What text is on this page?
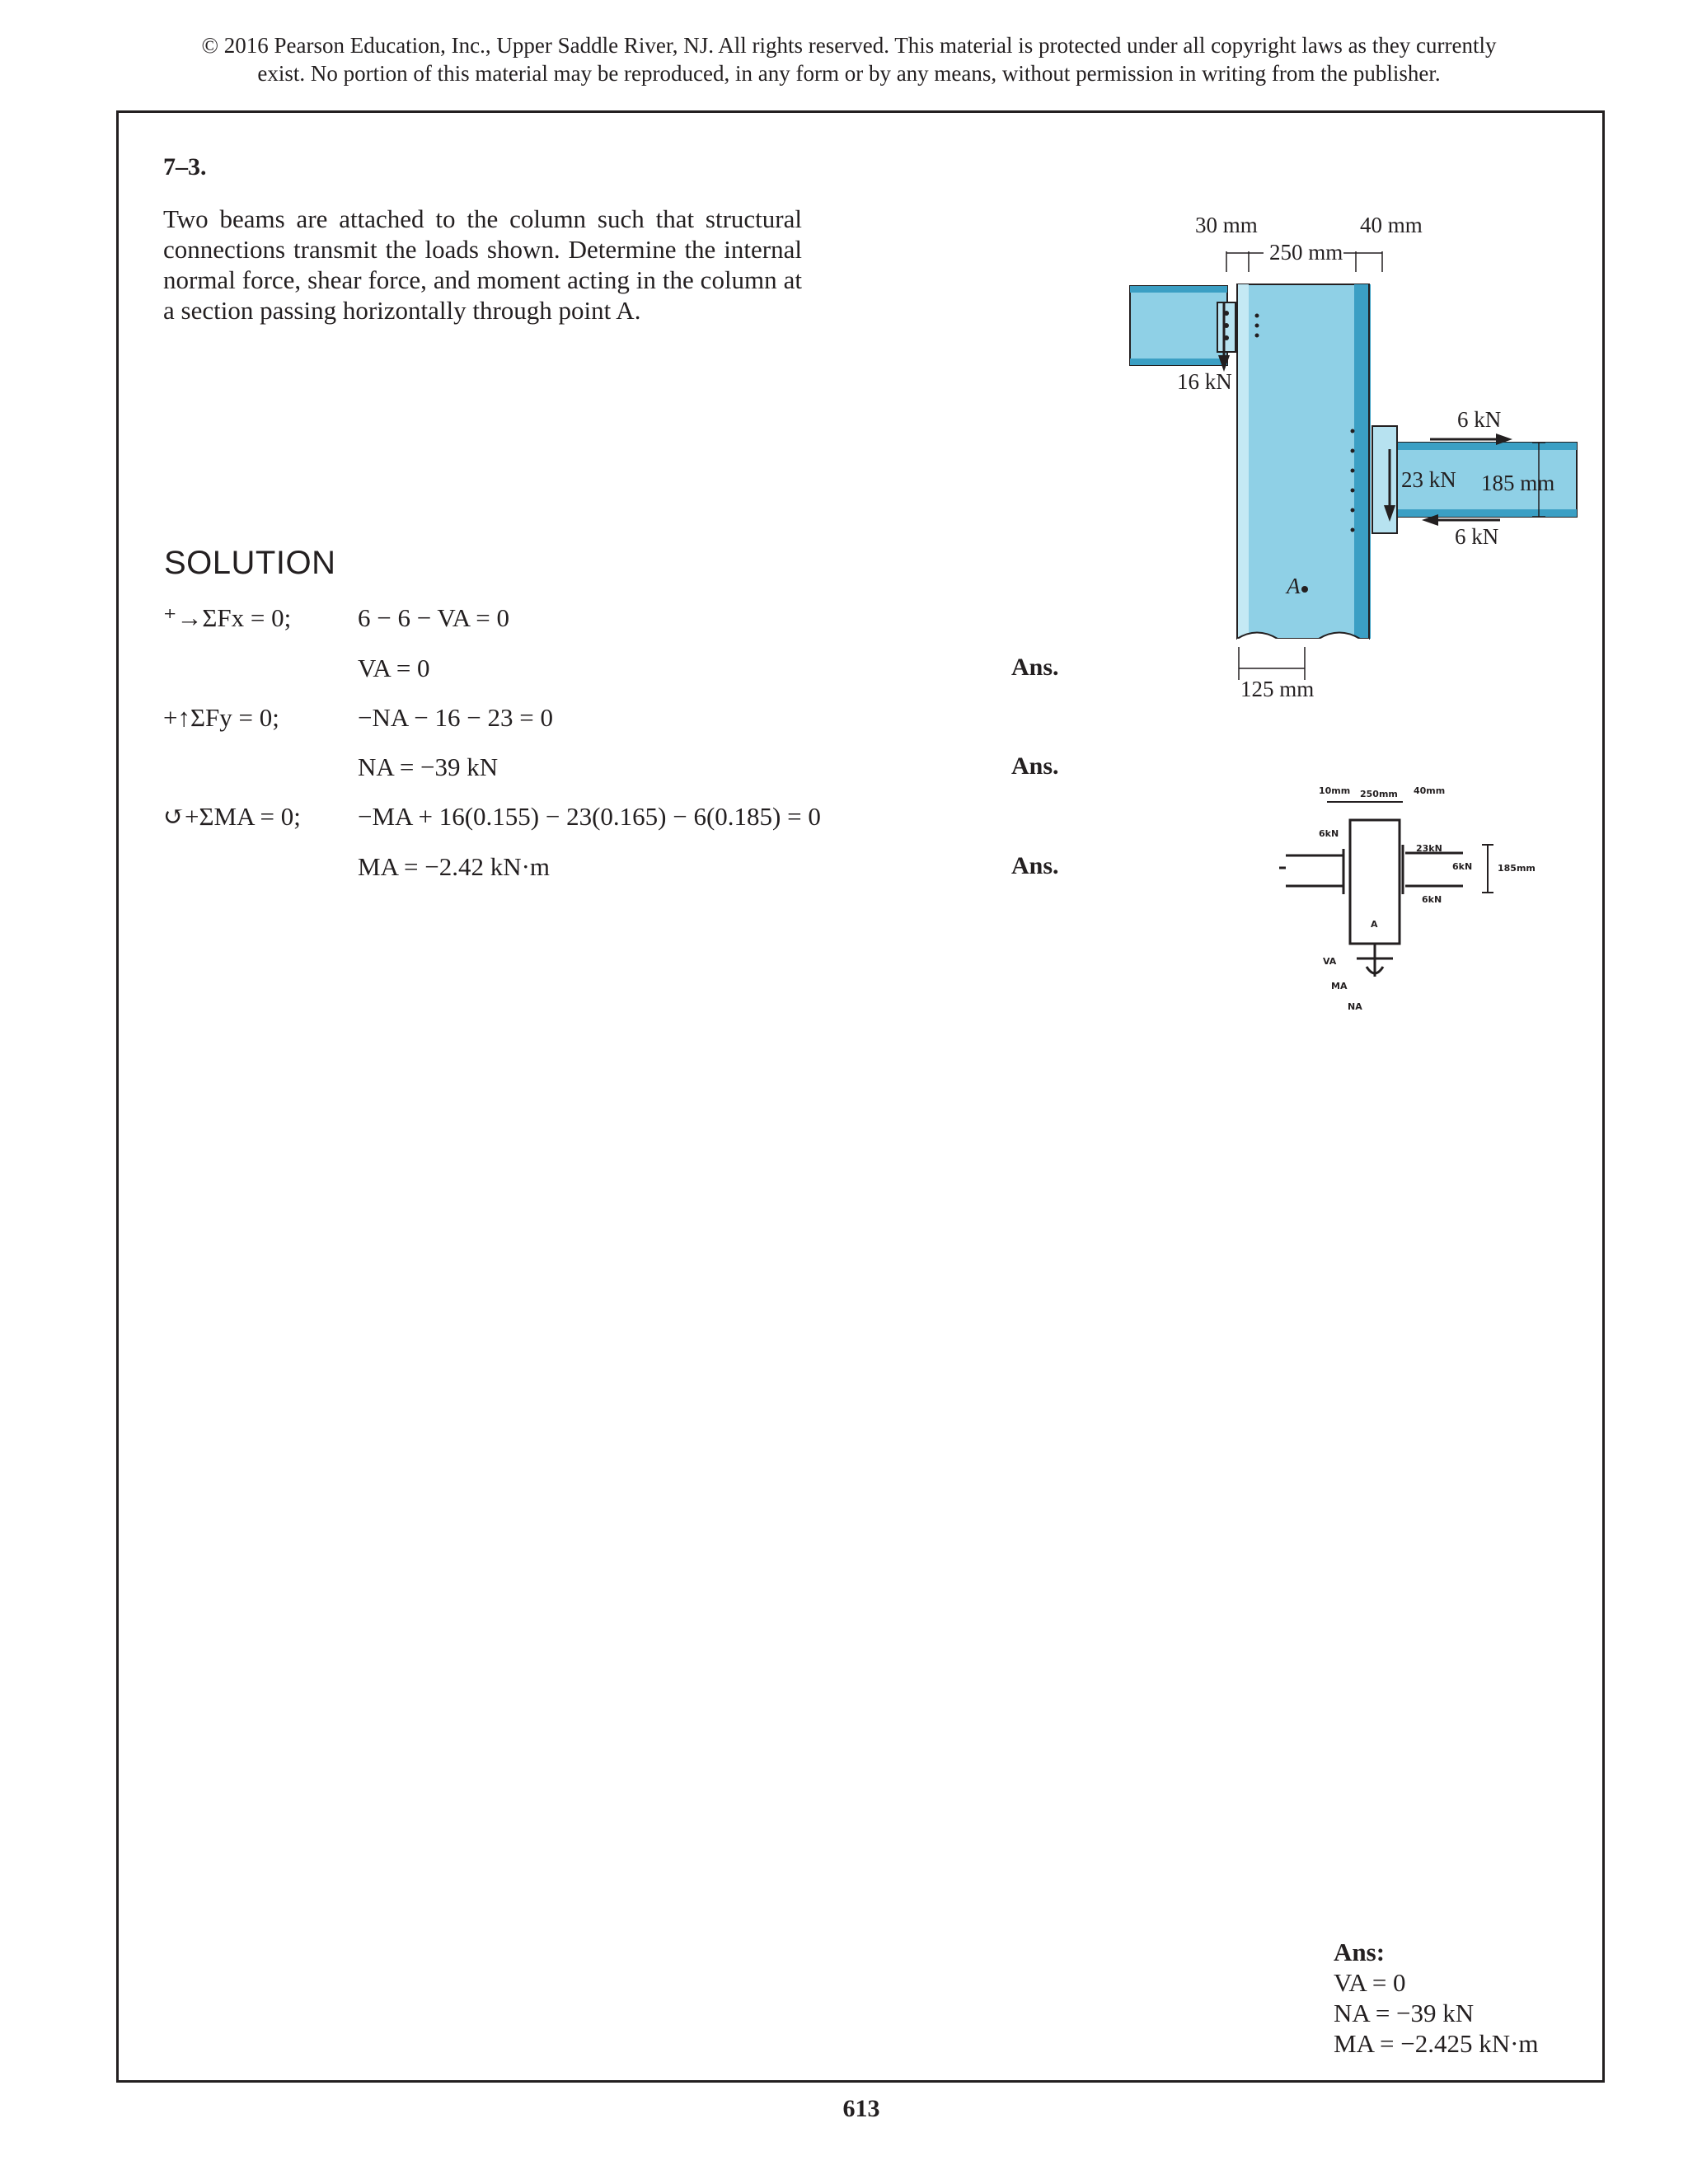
© 2016 Pearson Education, Inc., Upper Saddle River, NJ. All rights reserved. This material is protected under all copyright laws as they currently
exist. No portion of this material may be reproduced, in any form or by any means, without permission in writing from the publisher.
7–3.
Two beams are attached to the column such that structural connections transmit the loads shown. Determine the internal normal force, shear force, and moment acting in the column at a section passing horizontally through point A.
16 kN
6 kN
23 kN 185 mm
6 kN
A
30 mm	40 mm
250 mm
125 mm
10mm 250mm 40mm
6kN
23kN
6kN
6kN
185mm
A
VA
MA
NA
SOLUTION
⁺→ΣFx = 0;	6 − 6 − VA = 0
VA = 0	Ans.
+↑ΣFy = 0;	−NA − 16 − 23 = 0
NA = −39 kN	Ans.
↺+ΣMA = 0; −MA + 16(0.155) − 23(0.165) − 6(0.185) = 0
MA = −2.42 kN·m	Ans.
Ans:
VA = 0
NA = −39 kN
MA = −2.425 kN·m
613
